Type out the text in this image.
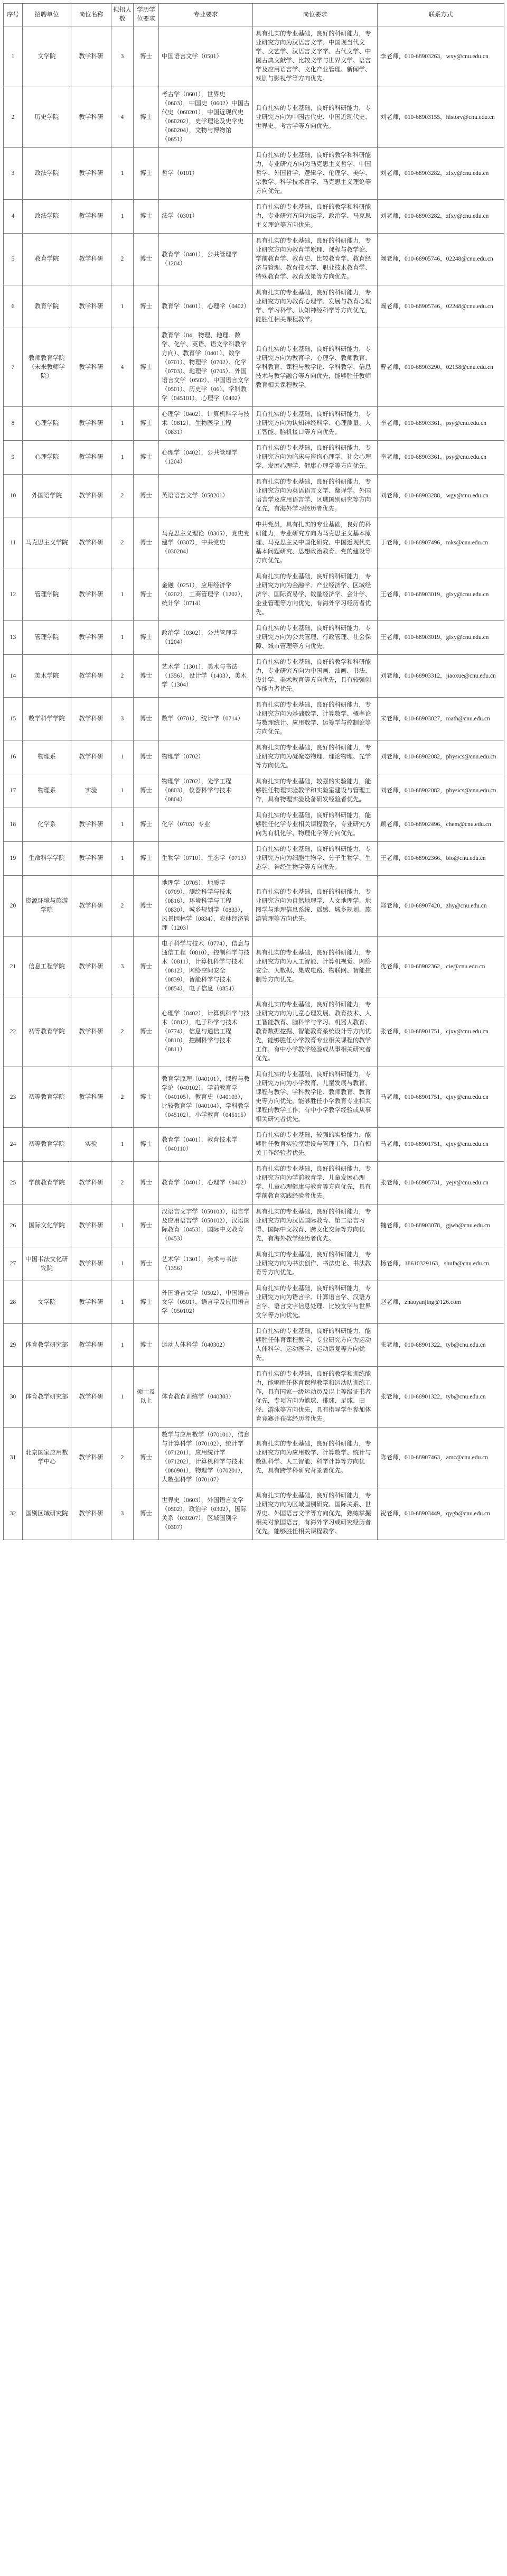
序号	招聘单位	岗位名称	拟招人数	学历学位要求	专业要求	岗位要求	联系方式
1	文学院	教学科研	3	博士	中国语言文学（0501）	具有扎实的专业基础，良好的科研能力，专业研究方向为汉语言文学、中国现当代文学、文艺学、汉语言文字学、古代文学、中国古典文献学、比较文学与世界文学、语言学及应用语言学、文化产业管理、新闻学、戏剧与影视学等方向优先。	李老师，010-68903263，wxy@cnu.edu.cn
2	历史学院	教学科研	4	博士	考古学（0601），世界史（0603），中国史（0602）中国古代史（060201），中国近现代史（060202），史学理论及史学史（060204），文物与博物馆（0651）	具有扎实的专业基础，良好的科研能力，专业研究方向为中国古代史、中国近现代史、世界史、考古学等方向优先。	刘老师，010-68903155，historv@cnu.edu.cn
3	政法学院	教学科研	1	博士	哲学（0101）	具有扎实的专业基础，良好的教学和科研能力，专业研究方向为马克思主义哲学、中国哲学、外国哲学、逻辑学、伦理学、美学、宗教学、科学技术哲学、马克思主义理论等方向优先。	刘老师，010-68903282，zfxy@cnu.edu.cn
4	政法学院	教学科研	1	博士	法学（0301）	具有扎实的专业基础，良好的教学和科研能力，专业研究方向为法学、政治学、马克思主义理论等方向优先。	刘老师，010-68903282，zfxy@cnu.edu.cn
5	教育学院	教学科研	2	博士	教育学（0401），公共管理学（1204）	具有扎实的专业基础，良好的科研能力，专业研究方向为教育学原理、课程与教学论、学前教育学、教育史、比较教育学、教育经济与管理、教育技术学、职业技术教育学、特殊教育学、教育政策等方向优先。	阚老师，010-68905746，02248@cnu.edu.cn
6	教育学院	教学科研	1	博士	教育学（0401），心理学（0402）	具有扎实的专业基础，良好的科研能力，专业研究方向为教育心理学、发展与教育心理学、学习科学、认知神经科学等方向优先，能胜任相关课程教学。	阚老师，010-68905746，02248@cnu.edu.cn
7	教师教育学院（未来教师学院）	教学科研	4	博士	教育学（04，物理、地理、数学、化学、英语、语文学科教学方向）、教育学（0401）、数学（0701）、物理学（0702）、化学（0703）、地理学（0705）、外国语言文学（0502）、中国语言文学（0501）、历史学（06）、学科教学（045101），心理学（0402）	具有扎实的专业基础，良好的科研能力，专业研究方向为教育学、心理学、教师教育、学科教育、课程与教学论、学科教学、信息技术与教学融合等方向优先，能够胜任教师教育相关课程教学。	曹老师，010-68903290，02158@cnu.edu.cn
8	心理学院	教学科研	1	博士	心理学（0402），计算机科学与技术（0812），生物医学工程（0831）	具有扎实的专业基础，良好的科研能力，专业研究方向为认知神经科学、心理测量、人工智能、脑机接口等方向优先。	李老师，010-68903361，psy@cnu.edu.cn
9	心理学院	教学科研	1	博士	心理学（0402），公共管理学（1204）	具有扎实的专业基础，良好的科研能力，专业研究方向为临床与咨询心理学、社会心理学、发展心理学、健康心理学等方向优先。	李老师，010-68903361，psy@cnu.edu.cn
10	外国语学院	教学科研	2	博士	英语语言文学（050201）	具有扎实的专业基础，良好的科研能力，专业研究方向为英语语言文学、翻译学、外国语言学及应用语言学、区域国别研究等方向优先，有海外学习经历者优先。	刘老师，010-68903288，wgy@cnu.edu.cn
11	马克思主义学院	教学科研	2	博士	马克思主义理论（0305），党史党建学（0307），中共党史（030204）	中共党员，具有扎实的专业基础，良好的科研能力，专业研究方向为马克思主义基本原理、马克思主义中国化研究、中国近现代史基本问题研究、思想政治教育、党的建设等方向优先。	丁老师，010-68907496，mks@cnu.edu.cn
12	管理学院	教学科研	1	博士	金融（0251），应用经济学（0202），工商管理学（1202），统计学（0714）	具有扎实的专业基础，良好的科研能力，专业研究方向为金融学、产业经济学、区域经济学、国际贸易学、数量经济学、会计学、企业管理等方向优先，有海外学习经历者优先。	王老师，010-68903019，glxy@cnu.edu.cn
13	管理学院	教学科研	1	博士	政治学（0302），公共管理学（1204）	具有扎实的专业基础，良好的科研能力，专业研究方向为公共管理、行政管理、社会保障、城市管理等方向优先。	王老师，010-68903019，glxy@cnu.edu.cn
14	美术学院	教学科研	2	博士	艺术学（1301），美术与书法（1356），设计学（1403），美术学（1304）	具有扎实的专业基础，良好的教学和科研能力，专业研究方向为中国画、油画、书法、设计学、美术教育等方向优先，具有较强创作能力者优先。	刘老师，010-68903312，jiaoxue@cnu.edu.cn
15	数学科学学院	教学科研	3	博士	数学（0701），统计学（0714）	具有扎实的专业基础，良好的科研能力，专业研究方向为基础数学、计算数学、概率论与数理统计、应用数学、运筹学与控制论等方向优先。	宋老师，010-68903027，math@cnu.edu.cn
16	物理系	教学科研	1	博士	物理学（0702）	具有扎实的专业基础，良好的科研能力，专业研究方向为凝聚态物理、理论物理、光学等方向优先。	刘老师，010-68902082，physics@cnu.edu.cn
17	物理系	实验	1	博士	物理学（0702），光学工程（0803），仪器科学与技术（0804）	具有扎实的专业基础，较强的实验能力，能够胜任物理实验教学和实验室建设与管理工作，具有物理实验设备研发经验者优先。	刘老师，010-68902082，physics@cnu.edu.cn
18	化学系	教学科研	1	博士	化学（0703）专业	具有扎实的专业基础，良好的科研能力，能够胜任化学专业相关课程教学，专业研究方向为有机化学、物理化学等方向优先。	顾老师，010-68902496，chem@cnu.edu.cn
19	生命科学学院	教学科研	1	博士	生物学（0710），生态学（0713）	具有扎实的专业基础，良好的科研能力，专业研究方向为细胞生物学、分子生物学、生态学、神经生物学等方向优先。	王老师，010-68902366，bio@cnu.edu.cn
20	资源环境与旅游学院	教学科研	2	博士	地理学（0705），地质学（0709），测绘科学与技术（0816），环境科学与工程（0830），城乡规划学（0833），风景园林学（0834），农林经济管理（1203）	具有扎实的专业基础，良好的科研能力，专业研究方向为自然地理学、人文地理学、地图学与地理信息系统、遥感、城乡规划、旅游管理等方向优先。	郑老师，010-68907420，zhy@cnu.edu.cn
21	信息工程学院	教学科研	3	博士	电子科学与技术（0774），信息与通信工程（0810），控制科学与技术（0811），计算机科学与技术（0812），网络空间安全（0839），智能科学与技术（0854），电子信息（0854）	具有扎实的专业基础，良好的科研能力，专业研究方向为人工智能、计算机视觉、网络安全、大数据、集成电路、物联网、智能控制等方向优先。	沈老师，010-68902362，cie@cnu.edu.cn
22	初等教育学院	教学科研	2	博士	心理学（0402），计算机科学与技术（0812），电子科学与技术（0774），信息与通信工程（0810），控制科学与技术（0811）	具有扎实的专业基础，良好的科研能力，专业研究方向为儿童心理发展、教育技术、人工智能教育、脑科学与学习、机器人教育、教育数据挖掘、智能教育系统设计等方向优先，能够胜任小学教育专业相关课程的教学工作，有中小学教学经验或从事相关研究者优先。	张老师，010-68901751，cjxy@cnu.edu.cn
23	初等教育学院	教学科研	2	博士	教育学原理（040101），课程与教学论（040102），学前教育学（040105），教育史（040103），比较教育学（040104），学科教学（045102），小学教育（045115）	具有扎实的专业基础，良好的科研能力，专业研究方向为小学教育、儿童发展与教育、课程与教学、学科教学论、教师教育、教育史等方向优先，能够胜任小学教育专业相关课程的教学工作，有中小学教学经验或从事相关研究者优先。	马老师，010-68901751，cjxy@cnu.edu.cn
24	初等教育学院	实验	1	博士	教育学（0401），教育技术学（040110）	具有扎实的专业基础，较强的实验能力，能够胜任教育实验室建设与管理工作，具有相关工作经验者优先。	马老师，010-68901751，cjxy@cnu.edu.cn
25	学前教育学院	教学科研	2	博士	教育学（0401），心理学（0402）	具有扎实的专业基础，良好的科研能力，专业研究方向为学前教育学、儿童发展心理学、儿童心理健康与教育等方向优先，具有学前教育实践经验者优先。	张老师，010-68905731，yejy@cnu.edu.cn
26	国际文化学院	教学科研	1	博士	汉语言文字学（050103），语言学及应用语言学（050102），汉语国际教育（0453），国际中文教育（0453）	具有扎实的专业基础，良好的科研能力，专业研究方向为汉语国际教育、第二语言习得、国际中文教育、跨文化交际等方向优先，有海外教学经历者优先。	魏老师，010-68903078，gjwh@cnu.edu.cn
27	中国书法文化研究院	教学科研	1	博士	艺术学（1301），美术与书法（1356）	具有扎实的专业基础，良好的科研能力，专业研究方向为书法创作、书法史论、书法教育等方向优先。	杨老师，18610329163，shufa@cnu.edu.cn
28	文学院	教学科研	1	博士	外国语言文学（0502），中国语言文学（0501），语言学及应用语言学（050102）	具有扎实的专业基础，良好的科研能力，专业研究方向为语言学、计算语言学、汉语方言学、语言文字信息处理、比较文学与世界文学等方向优先。	赵老师，zhaoyanjing@126.com
29	体育教学研究部	教学科研	1	博士	运动人体科学（040302）	具有扎实的专业基础，良好的科研能力，能够胜任体育课程教学，专业研究方向为运动人体科学、运动医学、运动康复等方向优先。	张老师，010-68901322，tyb@cnu.edu.cn
30	体育教学研究部	教学科研	1	硕士及以上	体育教育训练学（040303）	具有扎实的专业基础，良好的教学和训练能力，能够胜任体育课程教学和运动队训练工作，具有国家一级运动员及以上等级证书者优先，专项方向为篮球、排球、足球、田径、游泳等方向优先，具有指导学生参加体育竞赛并获奖经历者优先。	张老师，010-68901322，tyb@cnu.edu.cn
31	北京国家应用数学中心	教学科研	2	博士	数学与应用数学（070101），信息与计算科学（070102），统计学（071201），应用统计学（071202），计算机科学与技术（080901），物理学（070201），大数据科学（070107）	具有扎实的专业基础，良好的科研能力，专业研究方向为应用数学、计算数学、统计与数据科学、人工智能、科学计算等方向优先，具有跨学科研究背景者优先。	陈老师，010-68907463，amc@cnu.edu.cn
32	国别区域研究院	教学科研	3	博士	世界史（0603），外国语言文学（0502），政治学（0302），国际关系（030207），区域国别学（0307）	具有扎实的专业基础，良好的科研能力，专业研究方向为区域国别研究、国际关系、世界史、外国语言文学等方向优先，熟练掌握相关对象国语言，有海外学习或研究经历者优先，能够胜任相关课程教学。	祝老师，010-68903449，qygb@cnu.edu.cn
